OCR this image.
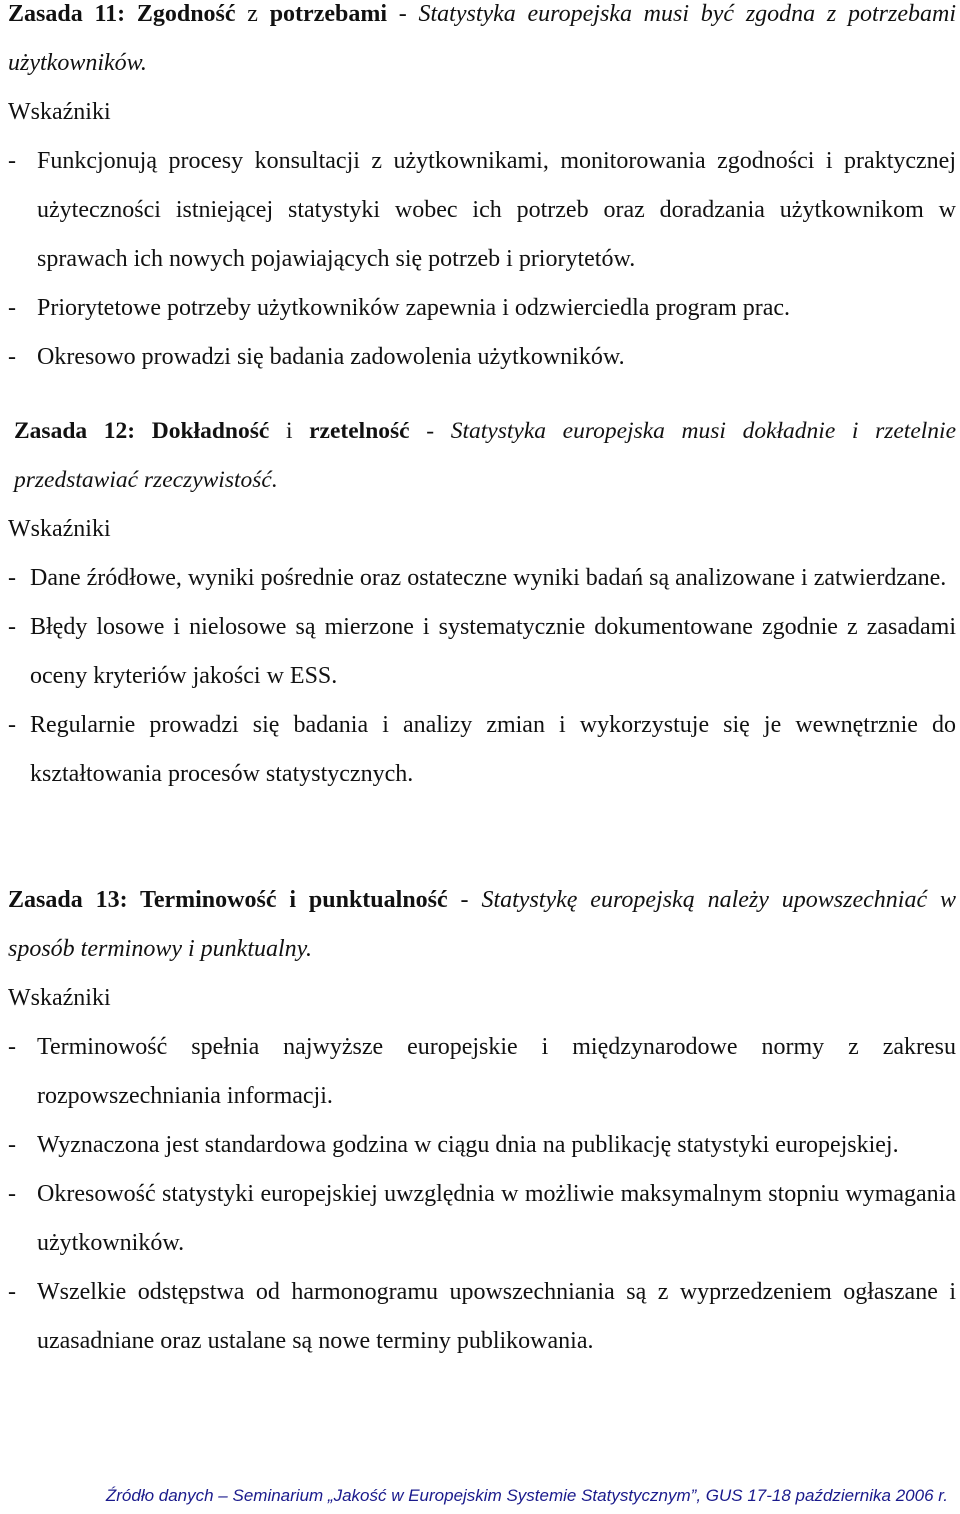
Zasada 11: Zgodność z potrzebami - Statystyka europejska musi być zgodna z potrzebami użytkowników.

Wskaźniki

- Funkcjonują procesy konsultacji z użytkownikami, monitorowania zgodności i praktycznej użyteczności istniejącej statystyki wobec ich potrzeb oraz doradzania użytkownikom w sprawach ich nowych pojawiających się potrzeb i priorytetów.
- Priorytetowe potrzeby użytkowników zapewnia i odzwierciedla program prac.
- Okresowo prowadzi się badania zadowolenia użytkowników.

Zasada 12: Dokładność i rzetelność - Statystyka europejska musi dokładnie i rzetelnie przedstawiać rzeczywistość.

Wskaźniki

- Dane źródłowe, wyniki pośrednie oraz ostateczne wyniki badań są analizowane i zatwierdzane.
- Błędy losowe i nielosowe są mierzone i systematycznie dokumentowane zgodnie z zasadami oceny kryteriów jakości w ESS.
- Regularnie prowadzi się badania i analizy zmian i wykorzystuje się je wewnętrznie do kształtowania procesów statystycznych.

Zasada 13: Terminowość i punktualność - Statystykę europejską należy upowszechniać w sposób terminowy i punktualny.

Wskaźniki

- Terminowość spełnia najwyższe europejskie i międzynarodowe normy z zakresu rozpowszechniania informacji.
- Wyznaczona jest standardowa godzina w ciągu dnia na publikację statystyki europejskiej.
- Okresowość statystyki europejskiej uwzględnia w możliwie maksymalnym stopniu wymagania użytkowników.
- Wszelkie odstępstwa od harmonogramu upowszechniania są z wyprzedzeniem ogłaszane i uzasadniane oraz ustalane są nowe terminy publikowania.
Źródło danych – Seminarium „Jakość w Europejskim Systemie Statystycznym”, GUS 17-18 października 2006 r.
